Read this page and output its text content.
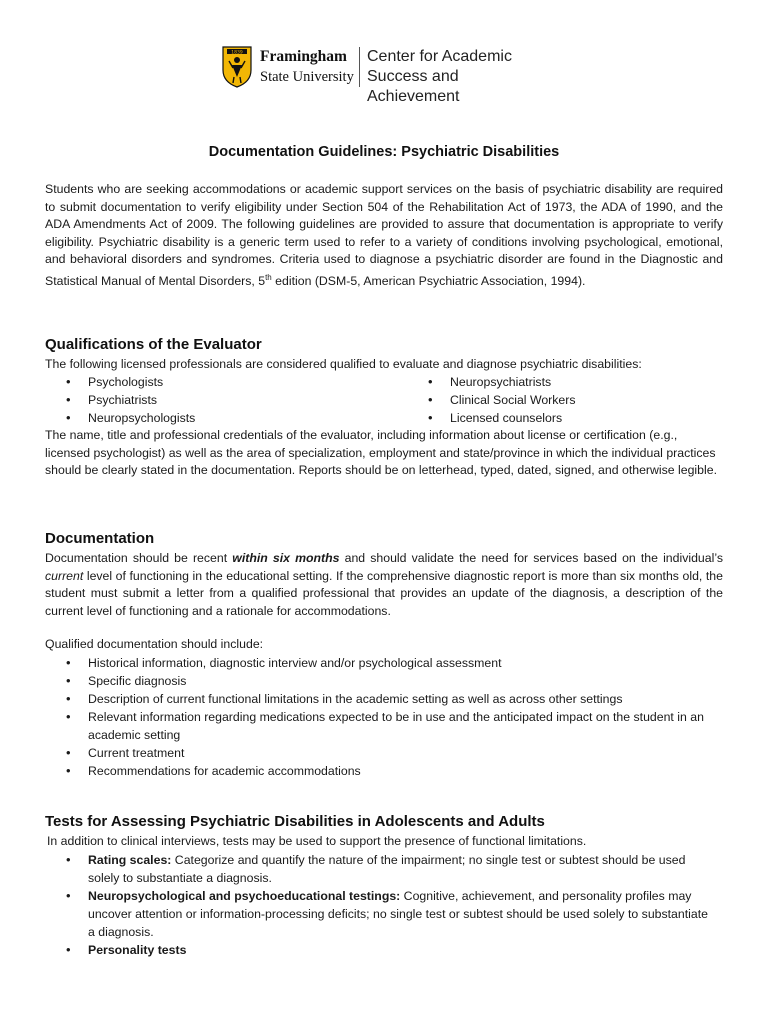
1839 Framingham
State University
Center for Academic
Success and Achievement
Documentation Guidelines: Psychiatric Disabilities

Students who are seeking accommodations or academic support services on the basis of psychiatric disability are required to submit documentation to verify eligibility under Section 504 of the Rehabilitation Act of 1973, the ADA of 1990, and the ADA Amendments Act of 2009. The following guidelines are provided to assure that documentation is appropriate to verify eligibility. Psychiatric disability is a generic term used to refer to a variety of conditions involving psychological, emotional, and behavioral disorders and syndromes. Criteria used to diagnose a psychiatric disorder are found in the Diagnostic and Statistical Manual of Mental Disorders, 5th edition (DSM-5, American Psychiatric Association, 1994).

Qualifications of the Evaluator

The following licensed professionals are considered qualified to evaluate and diagnose psychiatric disabilities:

• Psychologists
• Psychiatrists
• Neuropsychologists
• Neuropsychiatrists
• Clinical Social Workers
• Licensed counselors

The name, title and professional credentials of the evaluator, including information about license or certification (e.g., licensed psychologist) as well as the area of specialization, employment and state/province in which the individual practices should be clearly stated in the documentation. Reports should be on letterhead, typed, dated, signed, and otherwise legible.

Documentation

Documentation should be recent within six months and should validate the need for services based on the individual’s current level of functioning in the educational setting. If the comprehensive diagnostic report is more than six months old, the student must submit a letter from a qualified professional that provides an update of the diagnosis, a description of the current level of functioning and a rationale for accommodations.

Qualified documentation should include:

• Historical information, diagnostic interview and/or psychological assessment
• Specific diagnosis
• Description of current functional limitations in the academic setting as well as across other settings
• Relevant information regarding medications expected to be in use and the anticipated impact on the student in an academic setting
• Current treatment
• Recommendations for academic accommodations
Tests for Assessing Psychiatric Disabilities in Adolescents and Adults

In addition to clinical interviews, tests may be used to support the presence of functional limitations.

• Rating scales: Categorize and quantify the nature of the impairment; no single test or subtest should be used solely to substantiate a diagnosis.
• Neuropsychological and psychoeducational testings: Cognitive, achievement, and personality profiles may uncover attention or information-processing deficits; no single test or subtest should be used solely to substantiate a diagnosis.
• Personality tests
